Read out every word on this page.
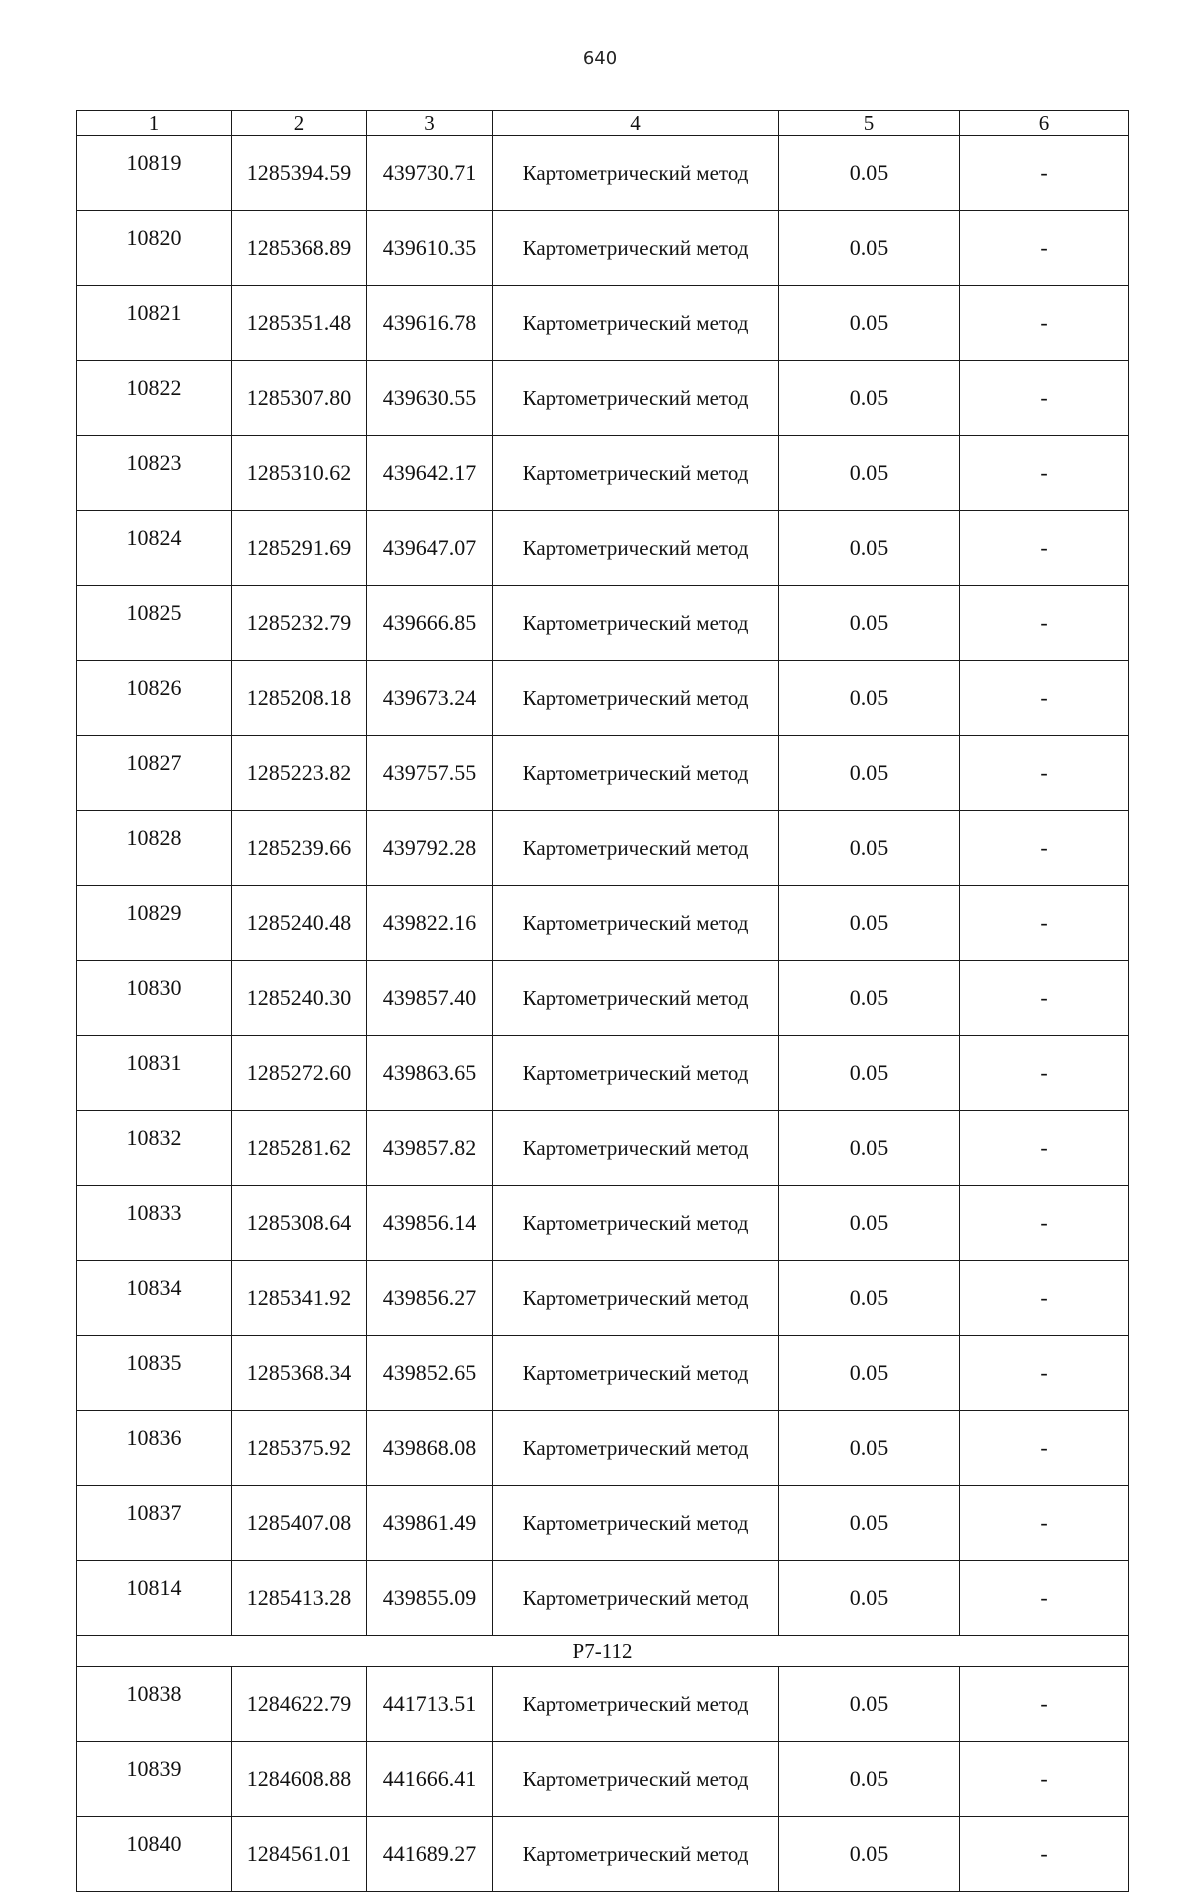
640
1	2	3	4	5	6
10819	1285394.59	439730.71	Картометрический метод	0.05	-
10820	1285368.89	439610.35	Картометрический метод	0.05	-
10821	1285351.48	439616.78	Картометрический метод	0.05	-
10822	1285307.80	439630.55	Картометрический метод	0.05	-
10823	1285310.62	439642.17	Картометрический метод	0.05	-
10824	1285291.69	439647.07	Картометрический метод	0.05	-
10825	1285232.79	439666.85	Картометрический метод	0.05	-
10826	1285208.18	439673.24	Картометрический метод	0.05	-
10827	1285223.82	439757.55	Картометрический метод	0.05	-
10828	1285239.66	439792.28	Картометрический метод	0.05	-
10829	1285240.48	439822.16	Картометрический метод	0.05	-
10830	1285240.30	439857.40	Картометрический метод	0.05	-
10831	1285272.60	439863.65	Картометрический метод	0.05	-
10832	1285281.62	439857.82	Картометрический метод	0.05	-
10833	1285308.64	439856.14	Картометрический метод	0.05	-
10834	1285341.92	439856.27	Картометрический метод	0.05	-
10835	1285368.34	439852.65	Картометрический метод	0.05	-
10836	1285375.92	439868.08	Картометрический метод	0.05	-
10837	1285407.08	439861.49	Картометрический метод	0.05	-
10814	1285413.28	439855.09	Картометрический метод	0.05	-
Р7-112					
10838	1284622.79	441713.51	Картометрический метод	0.05	-
10839	1284608.88	441666.41	Картометрический метод	0.05	-
10840	1284561.01	441689.27	Картометрический метод	0.05	-
